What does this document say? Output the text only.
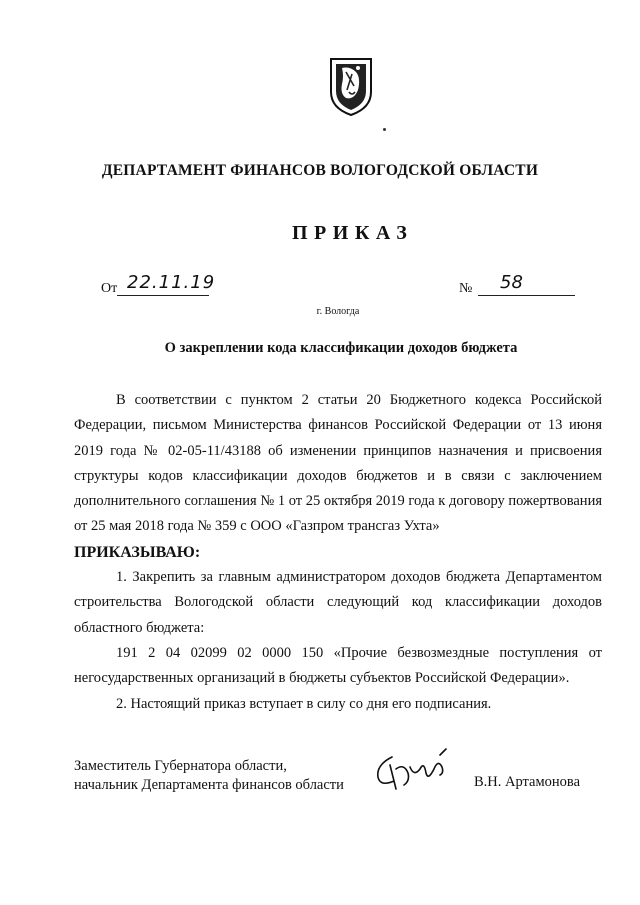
ДЕПАРТАМЕНТ ФИНАНСОВ ВОЛОГОДСКОЙ ОБЛАСТИ
ПРИКАЗ
От 22.11.19	№ 58
г. Вологда
О закреплении кода классификации доходов бюджета

В соответствии с пунктом 2 статьи 20 Бюджетного кодекса Российской Федерации, письмом Министерства финансов Российской Федерации от 13 июня 2019 года № 02-05-11/43188 об изменении принципов назначения и присвоения структуры кодов классификации доходов бюджетов и в связи с заключением дополнительного соглашения № 1 от 25 октября 2019 года к договору пожертвования от 25 мая 2018 года № 359 с ООО «Газпром трансгаз Ухта»

ПРИКАЗЫВАЮ:

1. Закрепить за главным администратором доходов бюджета Департаментом строительства Вологодской области следующий код классификации доходов областного бюджета:

191 2 04 02099 02 0000 150 «Прочие безвозмездные поступления от негосударственных организаций в бюджеты субъектов Российской Федерации».

2. Настоящий приказ вступает в силу со дня его подписания.

Заместитель Губернатора области,
начальник Департамента финансов области	В.Н. Артамонова
